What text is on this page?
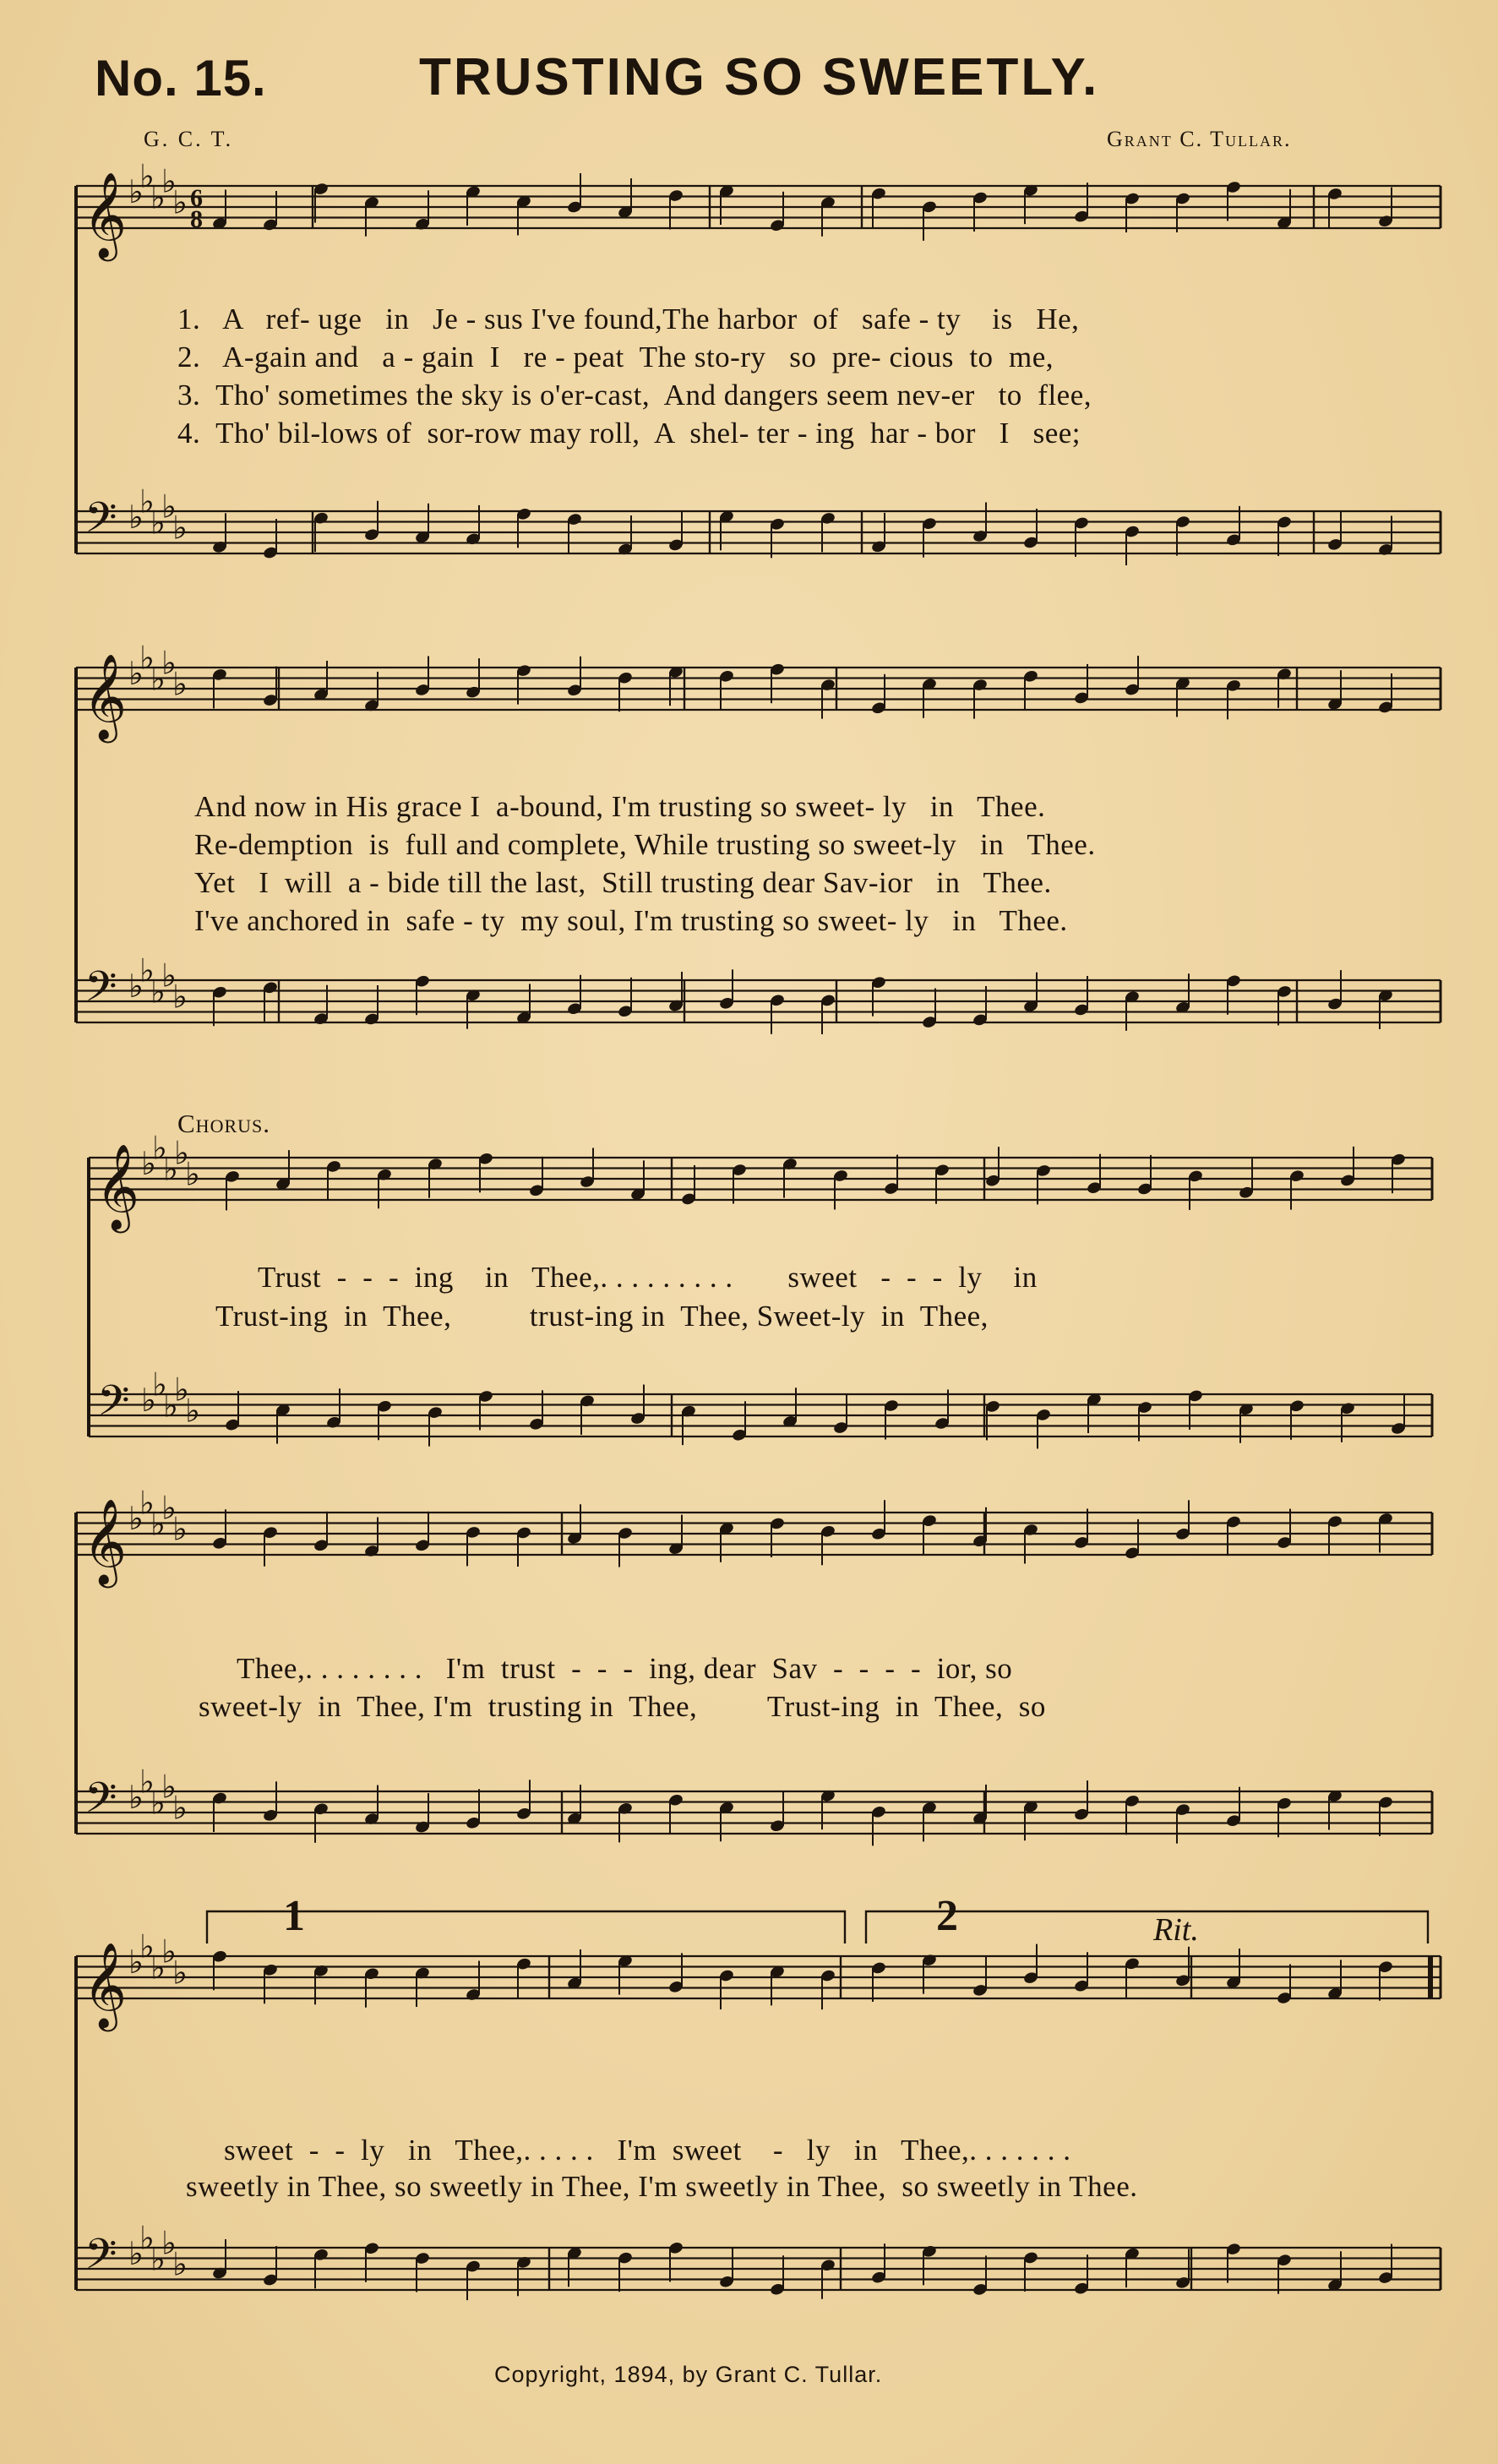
No. 15.	TRUSTING SO SWEETLY.
G. C. T.	Grant C. Tullar.
𝄞
𝄢
♭
♭
♭
♭
♭
♭
♭
♭
♭
♭
6
8
𝄞
𝄢
♭
♭
♭
♭
♭
♭
♭
♭
♭
♭
𝄞
𝄢
♭
♭
♭
♭
♭
♭
♭
♭
♭
♭
𝄞
𝄢
♭
♭
♭
♭
♭
♭
♭
♭
♭
♭
𝄞
𝄢
♭
♭
♭
♭
♭
♭
♭
♭
♭
♭
1.   A   ref- uge   in   Je - sus I've found,The harbor  of   safe - ty    is   He,
2.   A-gain and   a - gain  I   re - peat  The sto-ry   so  pre- cious  to  me,
3.  Tho' sometimes the sky is o'er-cast,  And dangers seem nev-er   to  flee,
4.  Tho' bil-lows of  sor-row may roll,  A  shel- ter - ing  har - bor   I   see;
And now in His grace I  a-bound, I'm trusting so sweet- ly   in   Thee.
Re-demption  is  full and complete, While trusting so sweet-ly   in   Thee.
Yet   I  will  a - bide till the last,  Still trusting dear Sav-ior   in   Thee.
I've anchored in  safe - ty  my soul, I'm trusting so sweet- ly   in   Thee.
Chorus.
Trust  -  -  -  ing    in   Thee,. . . . . . . . .       sweet   -  -  -  ly    in
Trust-ing  in  Thee,          trust-ing in  Thee, Sweet-ly  in  Thee,
Thee,. . . . . . . .   I'm  trust  -  -  -  ing, dear  Sav  -  -  -  -  ior, so
sweet-ly  in  Thee, I'm  trusting in  Thee,         Trust-ing  in  Thee,  so
1	2	Rit.
sweet  -  -  ly   in   Thee,. . . . .   I'm  sweet    -   ly   in   Thee,. . . . . . .
sweetly in Thee, so sweetly in Thee, I'm sweetly in Thee,  so sweetly in Thee.
Copyright, 1894, by Grant C. Tullar.
